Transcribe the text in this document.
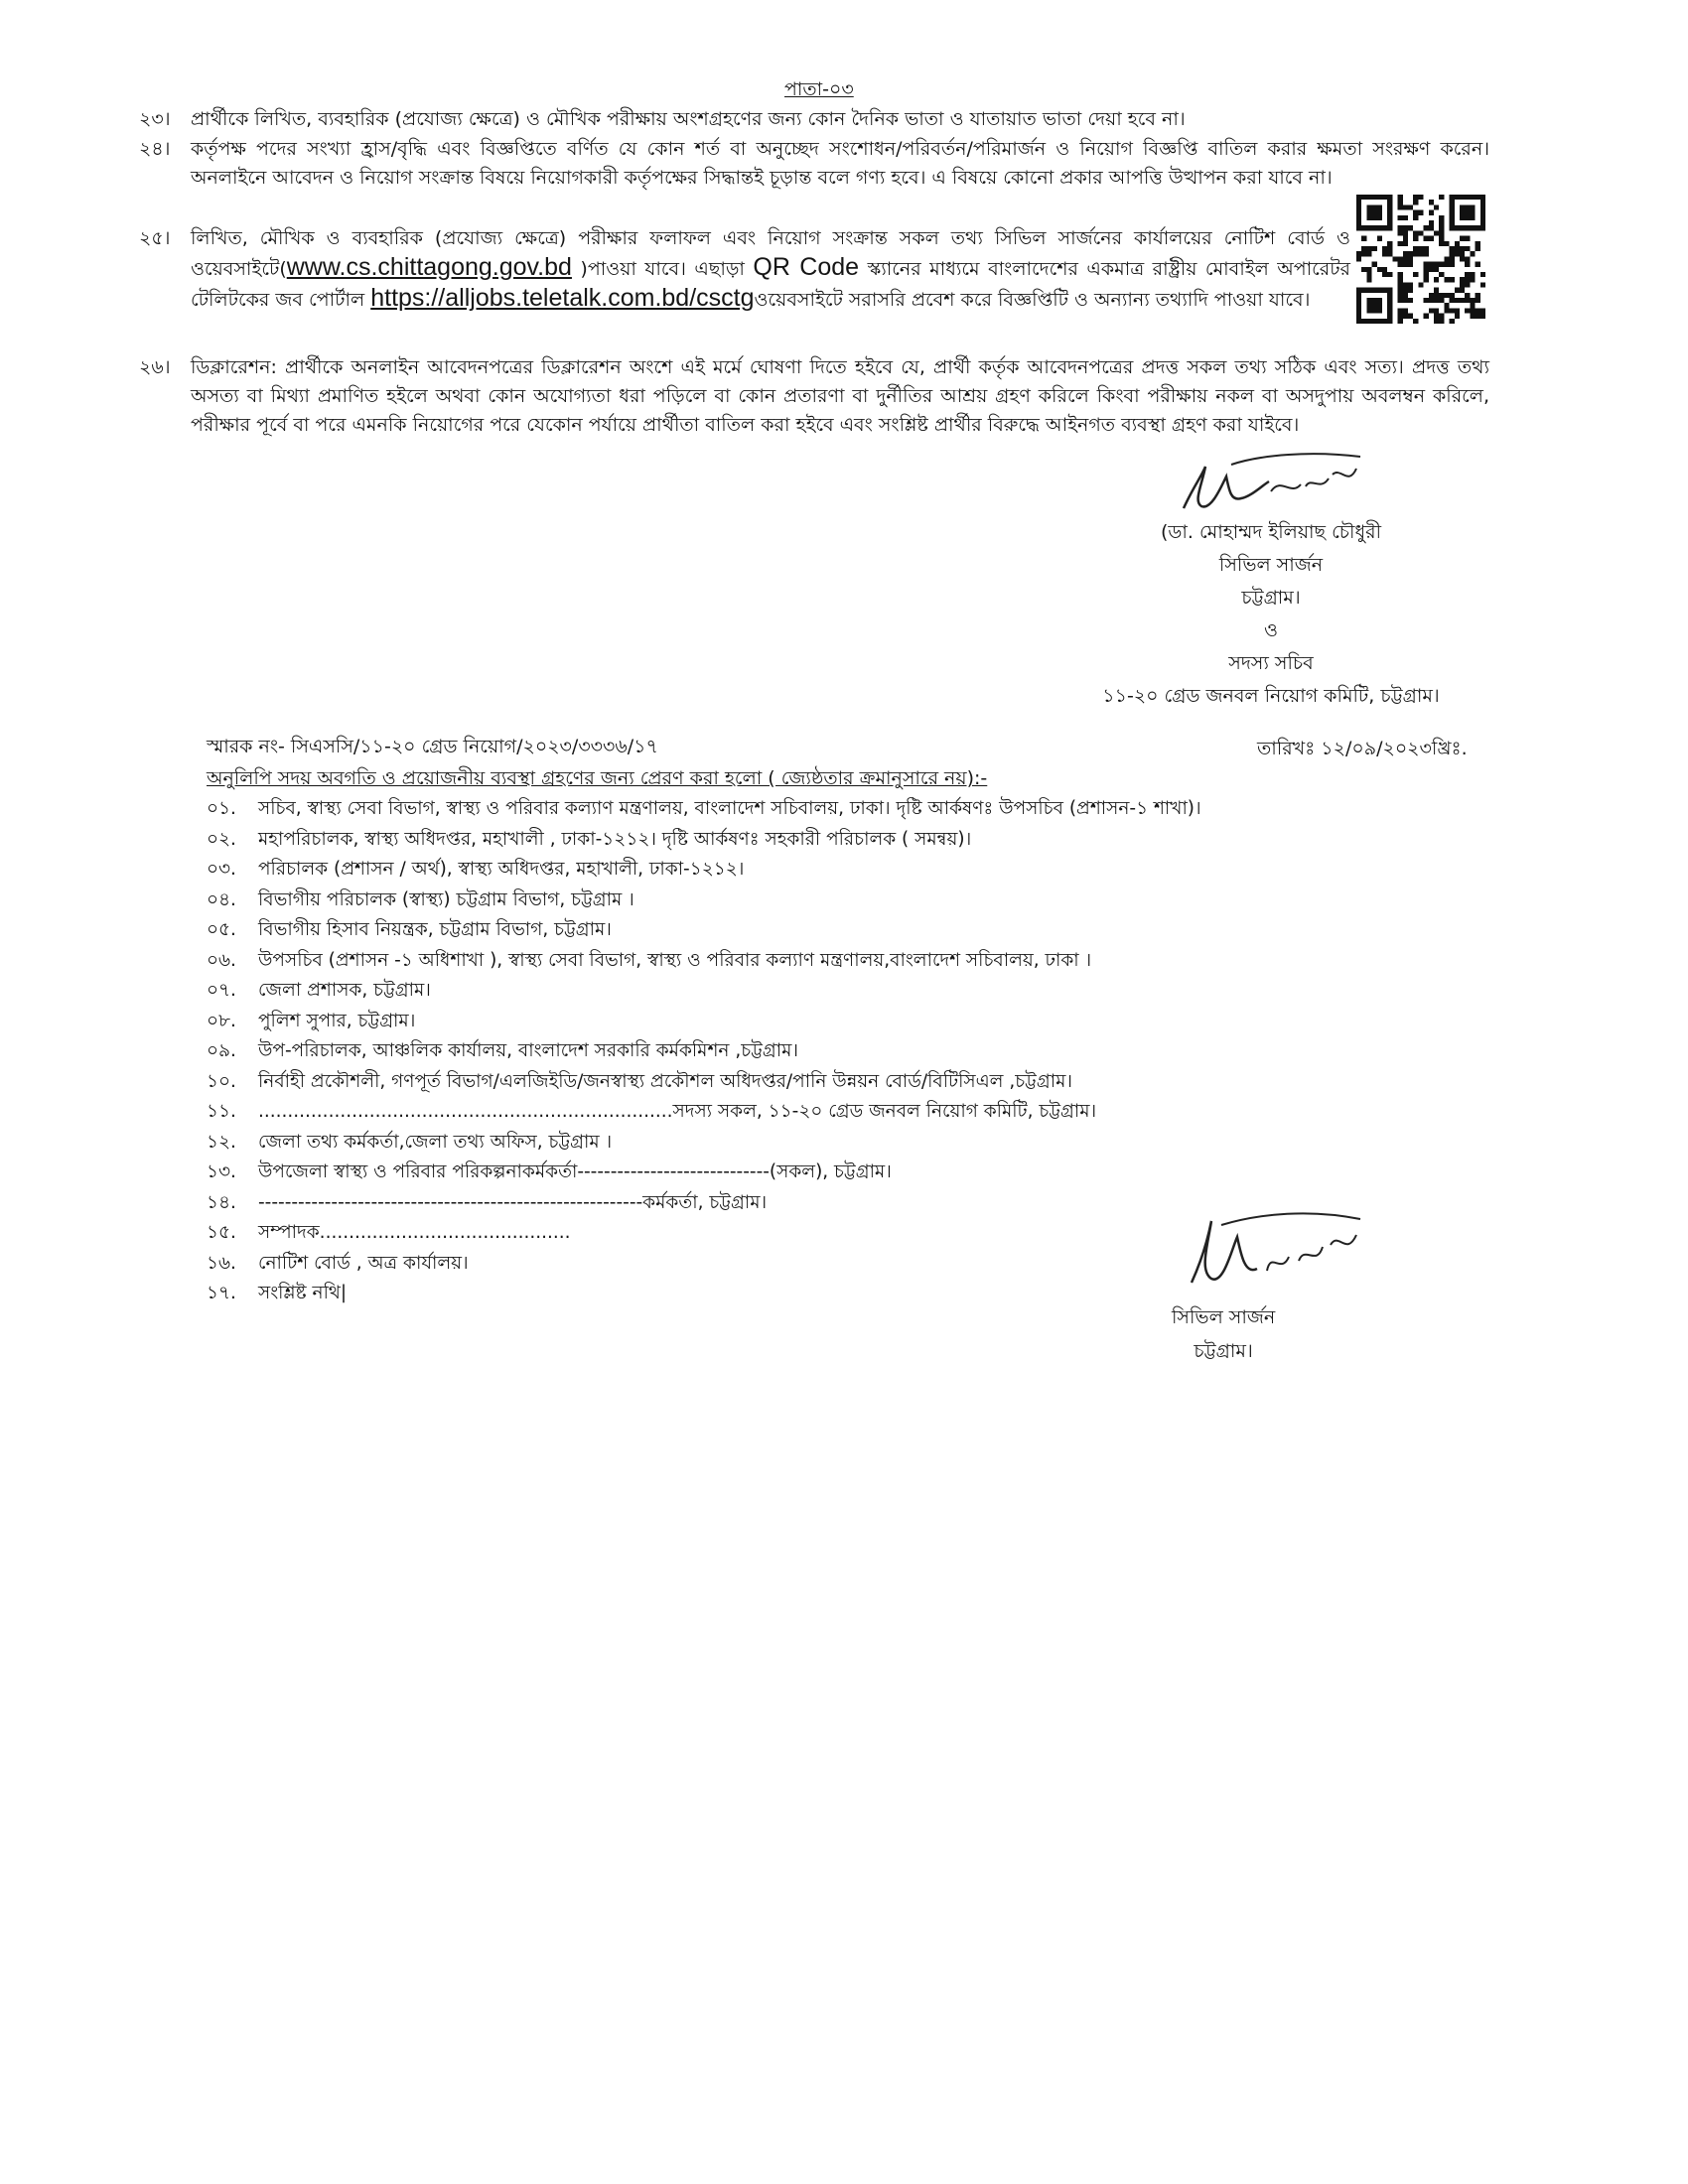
পাতা-০৩
২৩। প্রার্থীকে লিখিত, ব্যবহারিক (প্রযোজ্য ক্ষেত্রে) ও মৌখিক পরীক্ষায় অংশগ্রহণের জন্য কোন দৈনিক ভাতা ও যাতায়াত ভাতা দেয়া হবে না।
২৪। কর্তৃপক্ষ পদের সংখ্যা হ্রাস/বৃদ্ধি এবং বিজ্ঞপ্তিতে বর্ণিত যে কোন শর্ত বা অনুচ্ছেদ সংশোধন/পরিবর্তন/পরিমার্জন ও নিয়োগ বিজ্ঞপ্তি বাতিল করার ক্ষমতা সংরক্ষণ করেন। অনলাইনে আবেদন ও নিয়োগ সংক্রান্ত বিষয়ে নিয়োগকারী কর্তৃপক্ষের সিদ্ধান্তই চূড়ান্ত বলে গণ্য হবে। এ বিষয়ে কোনো প্রকার আপত্তি উত্থাপন করা যাবে না।
২৫। লিখিত, মৌখিক ও ব্যবহারিক (প্রযোজ্য ক্ষেত্রে) পরীক্ষার ফলাফল এবং নিয়োগ সংক্রান্ত সকল তথ্য সিভিল সার্জনের কার্যালয়ের নোটিশ বোর্ড ও ওয়েবসাইটে(www.cs.chittagong.gov.bd )পাওয়া যাবে। এছাড়া QR Code স্ক্যানের মাধ্যমে বাংলাদেশের একমাত্র রাষ্ট্রীয় মোবাইল অপারেটর টেলিটকের জব পোর্টাল https://alljobs.teletalk.com.bd/csctgওয়েবসাইটে সরাসরি প্রবেশ করে বিজ্ঞপ্তিটি ও অন্যান্য তথ্যাদি পাওয়া যাবে।
২৬। ডিক্লারেশন: প্রার্থীকে অনলাইন আবেদনপত্রের ডিক্লারেশন অংশে এই মর্মে ঘোষণা দিতে হইবে যে, প্রার্থী কর্তৃক আবেদনপত্রের প্রদত্ত সকল তথ্য সঠিক এবং সত্য। প্রদত্ত তথ্য অসত্য বা মিথ্যা প্রমাণিত হইলে অথবা কোন অযোগ্যতা ধরা পড়িলে বা কোন প্রতারণা বা দুর্নীতির আশ্রয় গ্রহণ করিলে কিংবা পরীক্ষায় নকল বা অসদুপায় অবলম্বন করিলে, পরীক্ষার পূর্বে বা পরে এমনকি নিয়োগের পরে যেকোন পর্যায়ে প্রার্থীতা বাতিল করা হইবে এবং সংশ্লিষ্ট প্রার্থীর বিরুদ্ধে আইনগত ব্যবস্থা গ্রহণ করা যাইবে।
(ডা. মোহাম্মদ ইলিয়াছ চৌধুরী
সিভিল সার্জন
চট্টগ্রাম।
ও
সদস্য সচিব
১১-২০ গ্রেড জনবল নিয়োগ কমিটি, চট্টগ্রাম।
স্মারক নং- সিএসসি/১১-২০ গ্রেড নিয়োগ/২০২৩/৩৩৩৬/১৭	তারিখঃ ১২/০৯/২০২৩খ্রিঃ.
অনুলিপি সদয় অবগতি ও প্রয়োজনীয় ব্যবস্থা গ্রহণের জন্য প্রেরণ করা হলো ( জ্যেষ্ঠতার ক্রমানুসারে নয়):-
০১. সচিব, স্বাস্থ্য সেবা বিভাগ, স্বাস্থ্য ও পরিবার কল্যাণ মন্ত্রণালয়, বাংলাদেশ সচিবালয়, ঢাকা। দৃষ্টি আর্কষণঃ উপসচিব (প্রশাসন-১ শাখা)।
০২. মহাপরিচালক, স্বাস্থ্য অধিদপ্তর, মহাখালী , ঢাকা-১২১২। দৃষ্টি আর্কষণঃ সহকারী পরিচালক ( সমন্বয়)।
০৩. পরিচালক (প্রশাসন / অর্থ), স্বাস্থ্য অধিদপ্তর, মহাখালী, ঢাকা-১২১২।
০৪. বিভাগীয় পরিচালক (স্বাস্থ্য) চট্টগ্রাম বিভাগ, চট্টগ্রাম ।
০৫. বিভাগীয় হিসাব নিয়ন্ত্রক, চট্টগ্রাম বিভাগ, চট্টগ্রাম।
০৬. উপসচিব (প্রশাসন -১ অধিশাখা ), স্বাস্থ্য সেবা বিভাগ, স্বাস্থ্য ও পরিবার কল্যাণ মন্ত্রণালয়,বাংলাদেশ সচিবালয়, ঢাকা ।
০৭. জেলা প্রশাসক, চট্টগ্রাম।
০৮. পুলিশ সুপার, চট্টগ্রাম।
০৯. উপ-পরিচালক, আঞ্চলিক কার্যালয়, বাংলাদেশ সরকারি কর্মকমিশন ,চট্টগ্রাম।
১০. নির্বাহী প্রকৌশলী, গণপূর্ত বিভাগ/এলজিইডি/জনস্বাস্থ্য প্রকৌশল অধিদপ্তর/পানি উন্নয়ন বোর্ড/বিটিসিএল ,চট্টগ্রাম।
১১. .......................................................................সদস্য সকল, ১১-২০ গ্রেড জনবল নিয়োগ কমিটি, চট্টগ্রাম।
১২. জেলা তথ্য কর্মকর্তা,জেলা তথ্য অফিস, চট্টগ্রাম ।
১৩. উপজেলা স্বাস্থ্য ও পরিবার পরিকল্পনাকর্মকর্তা-----------------------------(সকল), চট্টগ্রাম।
১৪. ----------------------------------------------------------কর্মকর্তা, চট্টগ্রাম।
১৫. সম্পাদক...........................................
১৬. নোটিশ বোর্ড , অত্র কার্যালয়।
১৭. সংশ্লিষ্ট নথি|
সিভিল সার্জন
চট্টগ্রাম।
